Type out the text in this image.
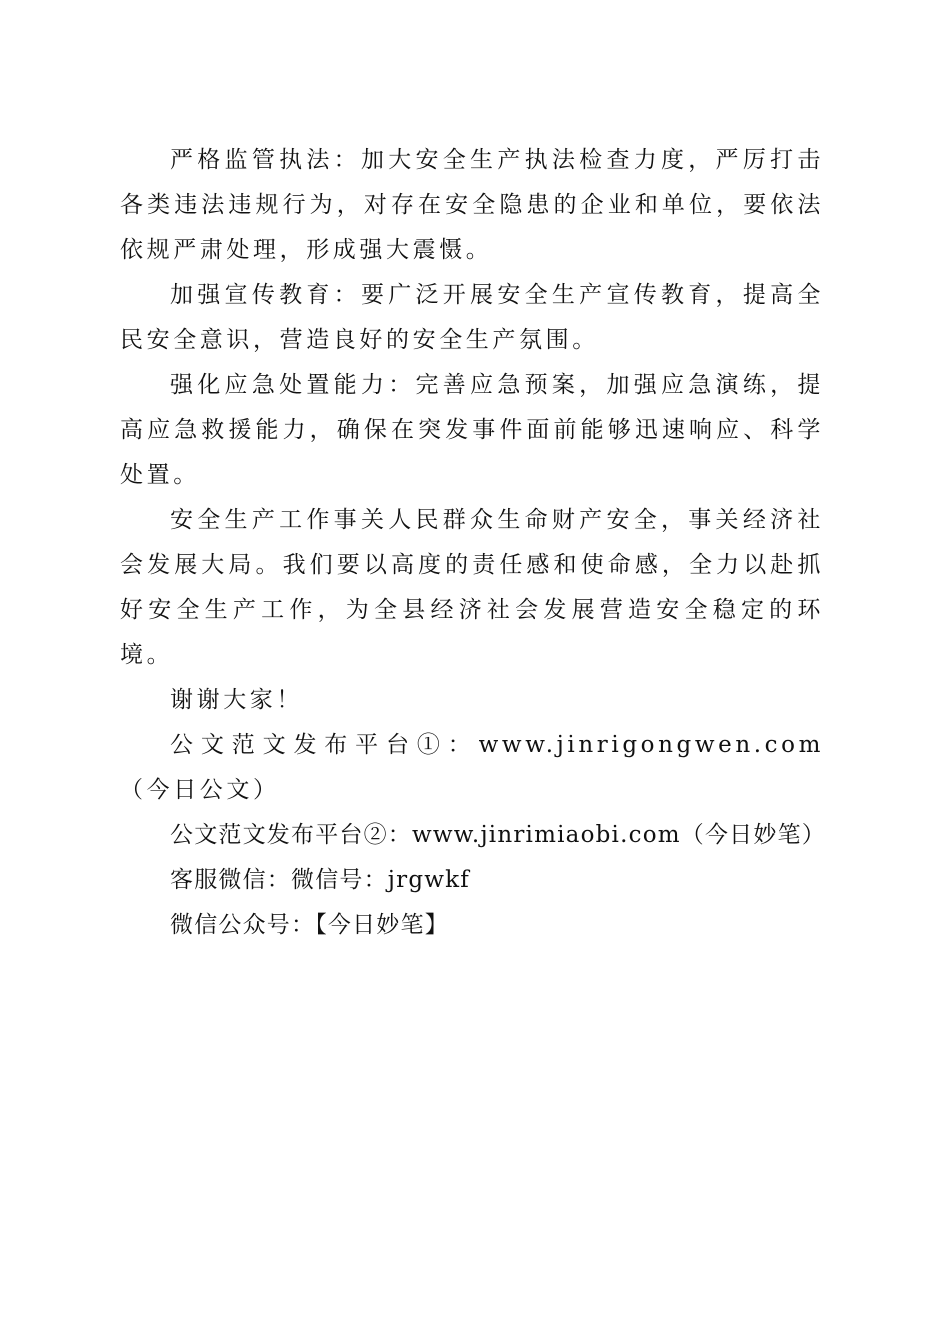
严格监管执法：加大安全生产执法检查力度，严厉打击各类违法违规行为，对存在安全隐患的企业和单位，要依法依规严肃处理，形成强大震慑。

加强宣传教育：要广泛开展安全生产宣传教育，提高全民安全意识，营造良好的安全生产氛围。

强化应急处置能力：完善应急预案，加强应急演练，提高应急救援能力，确保在突发事件面前能够迅速响应、科学处置。

安全生产工作事关人民群众生命财产安全，事关经济社会发展大局。我们要以高度的责任感和使命感，全力以赴抓好安全生产工作，为全县经济社会发展营造安全稳定的环境。

谢谢大家！

公文范文发布平台①：www.jinrigongwen.com（今日公文）

公文范文发布平台②：www.jinrimiaobi.com（今日妙笔）

客服微信：微信号：jrgwkf

微信公众号：【今日妙笔】
